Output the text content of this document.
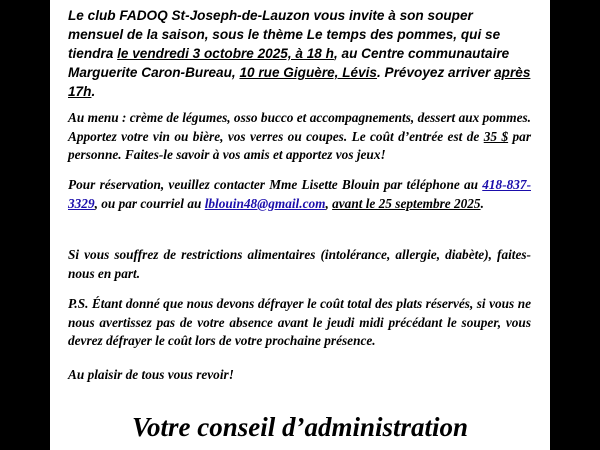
Le club FADOQ St-Joseph-de-Lauzon vous invite à son souper mensuel de la saison, sous le thème Le temps des pommes, qui se tiendra le vendredi 3 octobre 2025, à 18 h, au Centre communautaire Marguerite Caron-Bureau, 10 rue Giguère, Lévis. Prévoyez arriver après 17h.

Au menu : crème de légumes, osso bucco et accompagnements, dessert aux pommes. Apportez votre vin ou bière, vos verres ou coupes. Le coût d’entrée est de 35 $ par personne. Faites-le savoir à vos amis et apportez vos jeux!

Pour réservation, veuillez contacter Mme Lisette Blouin par téléphone au 418-837-3329, ou par courriel au lblouin48@gmail.com, avant le 25 septembre 2025.

Si vous souffrez de restrictions alimentaires (intolérance, allergie, diabète), faites-nous en part.

P.S. Étant donné que nous devons défrayer le coût total des plats réservés, si vous ne nous avertissez pas de votre absence avant le jeudi midi précédant le souper, vous devrez défrayer le coût lors de votre prochaine présence.

Au plaisir de tous vous revoir!

Votre conseil d’administration
